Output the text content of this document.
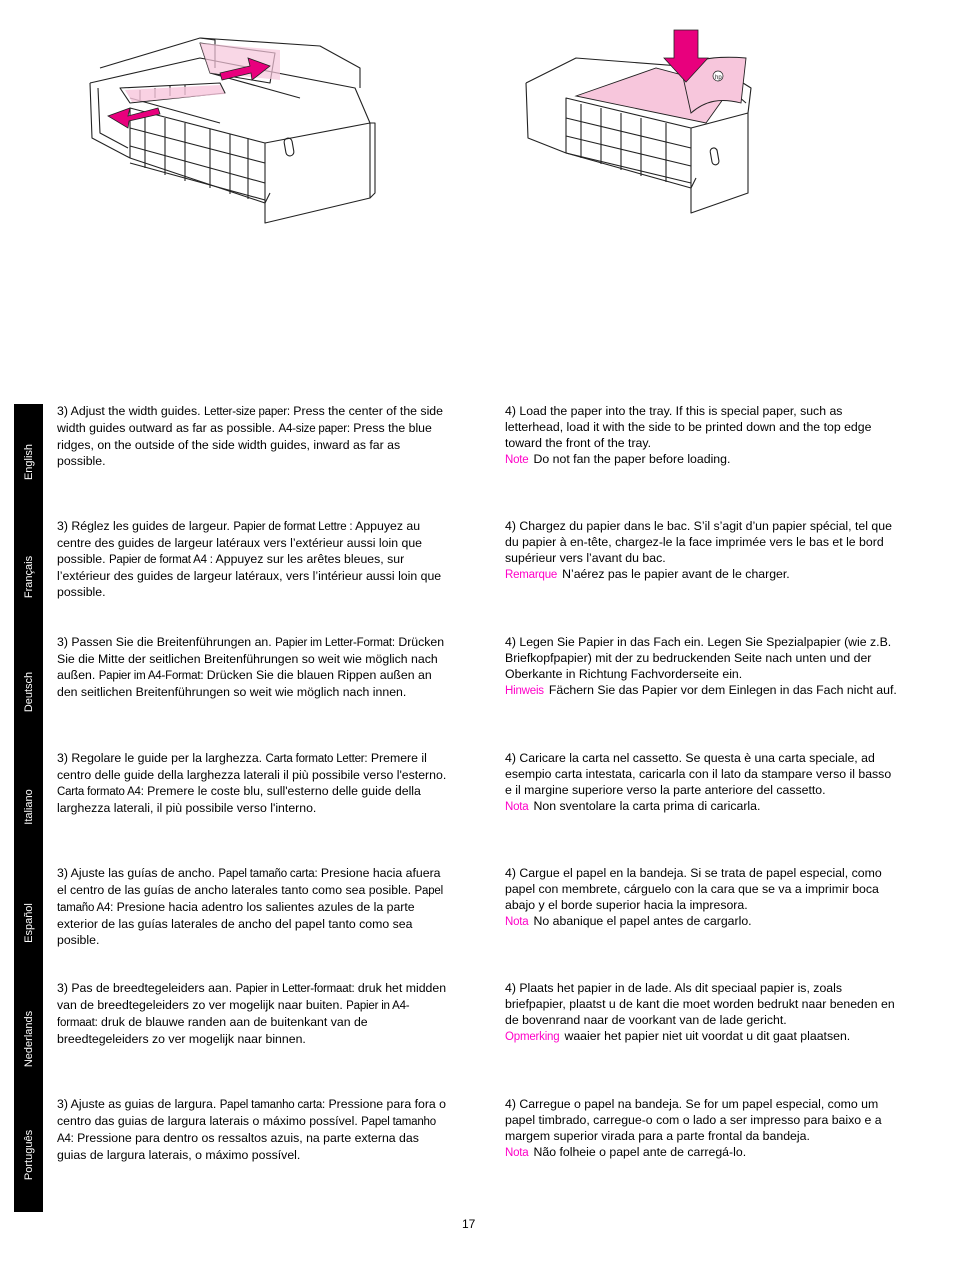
hp
English
Français
Deutsch
Italiano
Español
Nederlands
Português

3) Adjust the width guides. Letter-size paper: Press the center of the side width guides outward as far as possible. A4-size paper: Press the blue ridges, on the outside of the side width guides, inward as far as possible.

4) Load the paper into the tray. If this is special paper, such as letterhead, load it with the side to be printed down and the top edge toward the front of the tray.

Note Do not fan the paper before loading.

3) Réglez les guides de largeur. Papier de format Lettre : Appuyez au centre des guides de largeur latéraux vers l’extérieur aussi loin que possible. Papier de format A4 : Appuyez sur les arêtes bleues, sur l’extérieur des guides de largeur latéraux, vers l’intérieur aussi loin que possible.

4) Chargez du papier dans le bac. S’il s’agit d’un papier spécial, tel que du papier à en-tête, chargez-le la face imprimée vers le bas et le bord supérieur vers l’avant du bac.

Remarque N’aérez pas le papier avant de le charger.

3) Passen Sie die Breitenführungen an. Papier im Letter-Format: Drücken Sie die Mitte der seitlichen Breitenführungen so weit wie möglich nach außen. Papier im A4-Format: Drücken Sie die blauen Rippen außen an den seitlichen Breitenführungen so weit wie möglich nach innen.

4) Legen Sie Papier in das Fach ein. Legen Sie Spezialpapier (wie z.B. Briefkopfpapier) mit der zu bedruckenden Seite nach unten und der Oberkante in Richtung Fachvorderseite ein.

Hinweis Fächern Sie das Papier vor dem Einlegen in das Fach nicht auf.

3) Regolare le guide per la larghezza. Carta formato Letter: Premere il centro delle guide della larghezza laterali il più possibile verso l'esterno. Carta formato A4: Premere le coste blu, sull'esterno delle guide della larghezza laterali, il più possibile verso l'interno.

4) Caricare la carta nel cassetto. Se questa è una carta speciale, ad esempio carta intestata, caricarla con il lato da stampare verso il basso e il margine superiore verso la parte anteriore del cassetto.

Nota Non sventolare la carta prima di caricarla.

3) Ajuste las guías de ancho. Papel tamaño carta: Presione hacia afuera el centro de las guías de ancho laterales tanto como sea posible. Papel tamaño A4: Presione hacia adentro los salientes azules de la parte exterior de las guías laterales de ancho del papel tanto como sea posible.

4) Cargue el papel en la bandeja. Si se trata de papel especial, como papel con membrete, cárguelo con la cara que se va a imprimir boca abajo y el borde superior hacia la impresora.

Nota No abanique el papel antes de cargarlo.

3) Pas de breedtegeleiders aan. Papier in Letter-formaat: druk het midden van de breedtegeleiders zo ver mogelijk naar buiten. Papier in A4-formaat: druk de blauwe randen aan de buitenkant van de breedtegeleiders zo ver mogelijk naar binnen.

4) Plaats het papier in de lade. Als dit speciaal papier is, zoals briefpapier, plaatst u de kant die moet worden bedrukt naar beneden en de bovenrand naar de voorkant van de lade gericht.

Opmerking waaier het papier niet uit voordat u dit gaat plaatsen.

3) Ajuste as guias de largura. Papel tamanho carta: Pressione para fora o centro das guias de largura laterais o máximo possível. Papel tamanho A4: Pressione para dentro os ressaltos azuis, na parte externa das guias de largura laterais, o máximo possível.

4) Carregue o papel na bandeja. Se for um papel especial, como um papel timbrado, carregue-o com o lado a ser impresso para baixo e a margem superior virada para a parte frontal da bandeja.

Nota Não folheie o papel ante de carregá-lo.

17
